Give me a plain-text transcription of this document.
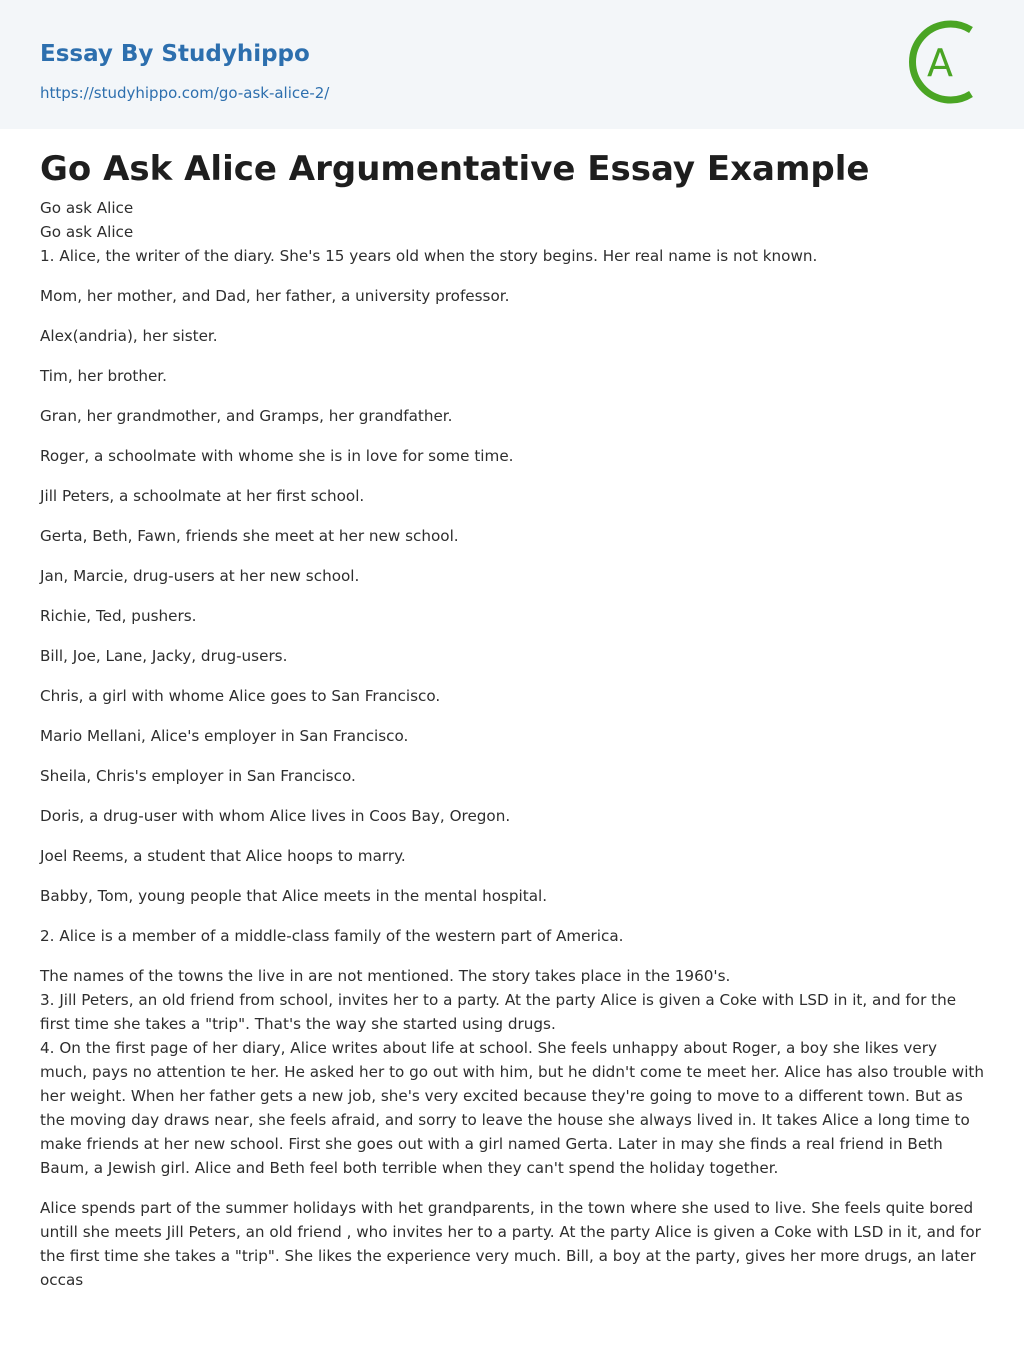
Essay By Studyhippo
https://studyhippo.com/go-ask-alice-2/
A
Go Ask Alice Argumentative Essay Example

Go ask Alice

Go ask Alice

1. Alice, the writer of the diary. She's 15 years old when the story begins. Her real name is not known.

Mom, her mother, and Dad, her father, a university professor.

Alex(andria), her sister.

Tim, her brother.

Gran, her grandmother, and Gramps, her grandfather.

Roger, a schoolmate with whome she is in love for some time.

Jill Peters, a schoolmate at her first school.

Gerta, Beth, Fawn, friends she meet at her new school.

Jan, Marcie, drug-users at her new school.

Richie, Ted, pushers.

Bill, Joe, Lane, Jacky, drug-users.

Chris, a girl with whome Alice goes to San Francisco.

Mario Mellani, Alice's employer in San Francisco.

Sheila, Chris's employer in San Francisco.

Doris, a drug-user with whom Alice lives in Coos Bay, Oregon.

Joel Reems, a student that Alice hoops to marry.

Babby, Tom, young people that Alice meets in the mental hospital.

2. Alice is a member of a middle-class family of the western part of America.

The names of the towns the live in are not mentioned. The story takes place in the 1960's.

3. Jill Peters, an old friend from school, invites her to a party. At the party Alice is given a Coke with LSD in it, and for the first time she takes a "trip". That's the way she started using drugs.

4. On the first page of her diary, Alice writes about life at school. She feels unhappy about Roger, a boy she likes very much, pays no attention te her. He asked her to go out with him, but he didn't come te meet her. Alice has also trouble with her weight. When her father gets a new job, she's very excited because they're going to move to a different town. But as the moving day draws near, she feels afraid, and sorry to leave the house she always lived in. It takes Alice a long time to make friends at her new school. First she goes out with a girl named Gerta. Later in may she finds a real friend in Beth Baum, a Jewish girl. Alice and Beth feel both terrible when they can't spend the holiday together.

Alice spends part of the summer holidays with het grandparents, in the town where she used to live. She feels quite bored untill she meets Jill Peters, an old friend , who invites her to a party. At the party Alice is given a Coke with LSD in it, and for the first time she takes a "trip". She likes the experience very much. Bill, a boy at the party, gives her more drugs, an later occas
